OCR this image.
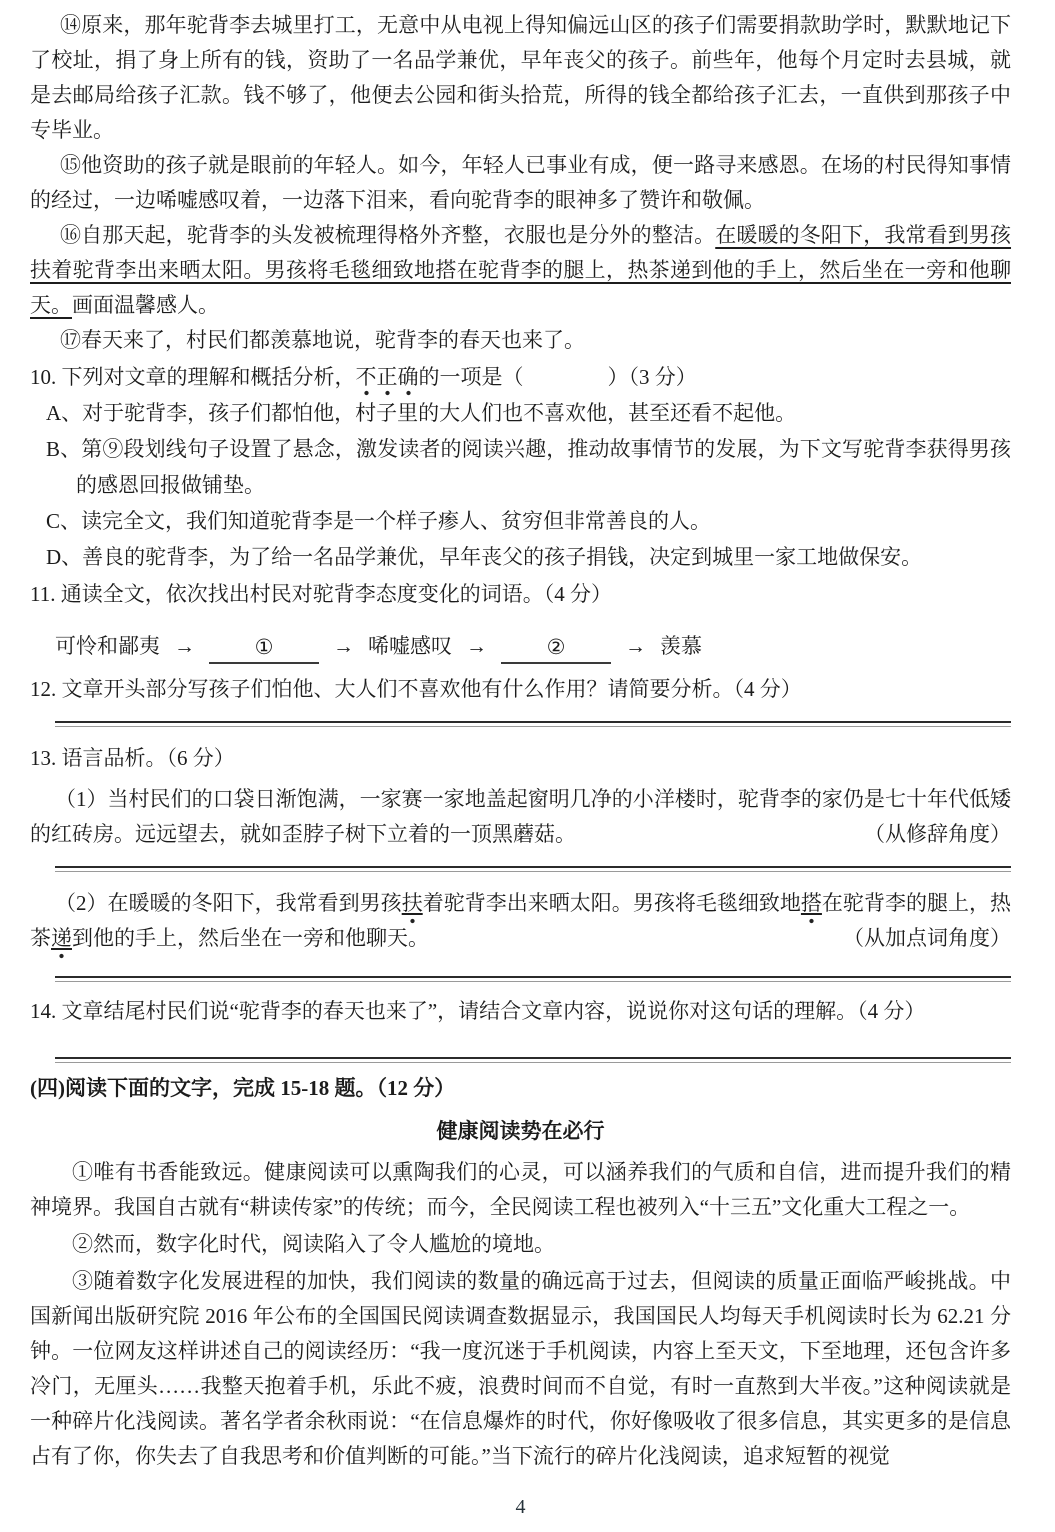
⑭原来，那年驼背李去城里打工，无意中从电视上得知偏远山区的孩子们需要捐款助学时，默默地记下了校址，捐了身上所有的钱，资助了一名品学兼优，早年丧父的孩子。前些年，他每个月定时去县城，就是去邮局给孩子汇款。钱不够了，他便去公园和街头拾荒，所得的钱全都给孩子汇去，一直供到那孩子中专毕业。

⑮他资助的孩子就是眼前的年轻人。如今，年轻人已事业有成，便一路寻来感恩。在场的村民得知事情的经过，一边唏嘘感叹着，一边落下泪来，看向驼背李的眼神多了赞许和敬佩。

⑯自那天起，驼背李的头发被梳理得格外齐整，衣服也是分外的整洁。在暖暖的冬阳下，我常看到男孩扶着驼背李出来晒太阳。男孩将毛毯细致地搭在驼背李的腿上，热茶递到他的手上，然后坐在一旁和他聊天。画面温馨感人。

⑰春天来了，村民们都羡慕地说，驼背李的春天也来了。

10. 下列对文章的理解和概括分析，不正确的一项是（　　　　）（3 分）

A、对于驼背李，孩子们都怕他，村子里的大人们也不喜欢他，甚至还看不起他。

B、第⑨段划线句子设置了悬念，激发读者的阅读兴趣，推动故事情节的发展，为下文写驼背李获得男孩的感恩回报做铺垫。

C、读完全文，我们知道驼背李是一个样子瘆人、贫穷但非常善良的人。

D、善良的驼背李，为了给一名品学兼优，早年丧父的孩子捐钱，决定到城里一家工地做保安。

11. 通读全文，依次找出村民对驼背李态度变化的词语。（4 分）

可怜和鄙夷 →	①	→ 唏嘘感叹 →	②	→ 羡慕

12. 文章开头部分写孩子们怕他、大人们不喜欢他有什么作用？请简要分析。（4 分）

13. 语言品析。（6 分）

（1）当村民们的口袋日渐饱满，一家赛一家地盖起窗明几净的小洋楼时，驼背李的家仍是七十年代低矮的红砖房。远远望去，就如歪脖子树下立着的一顶黑蘑菇。	（从修辞角度）
（2）在暖暖的冬阳下，我常看到男孩扶着驼背李出来晒太阳。男孩将毛毯细致地搭在驼背李的腿上，热茶递到他的手上，然后坐在一旁和他聊天。	（从加点词角度）

14. 文章结尾村民们说“驼背李的春天也来了”，请结合文章内容，说说你对这句话的理解。（4 分）

(四)阅读下面的文字，完成 15-18 题。（12 分）

健康阅读势在必行

①唯有书香能致远。健康阅读可以熏陶我们的心灵，可以涵养我们的气质和自信，进而提升我们的精神境界。我国自古就有“耕读传家”的传统；而今，全民阅读工程也被列入“十三五”文化重大工程之一。

②然而，数字化时代，阅读陷入了令人尴尬的境地。

③随着数字化发展进程的加快，我们阅读的数量的确远高于过去，但阅读的质量正面临严峻挑战。中国新闻出版研究院 2016 年公布的全国国民阅读调查数据显示，我国国民人均每天手机阅读时长为 62.21 分钟。一位网友这样讲述自己的阅读经历：“我一度沉迷于手机阅读，内容上至天文，下至地理，还包含许多冷门，无厘头……我整天抱着手机，乐此不疲，浪费时间而不自觉，有时一直熬到大半夜。”这种阅读就是一种碎片化浅阅读。著名学者余秋雨说：“在信息爆炸的时代，你好像吸收了很多信息，其实更多的是信息占有了你，你失去了自我思考和价值判断的可能。”当下流行的碎片化浅阅读，追求短暂的视觉

4
